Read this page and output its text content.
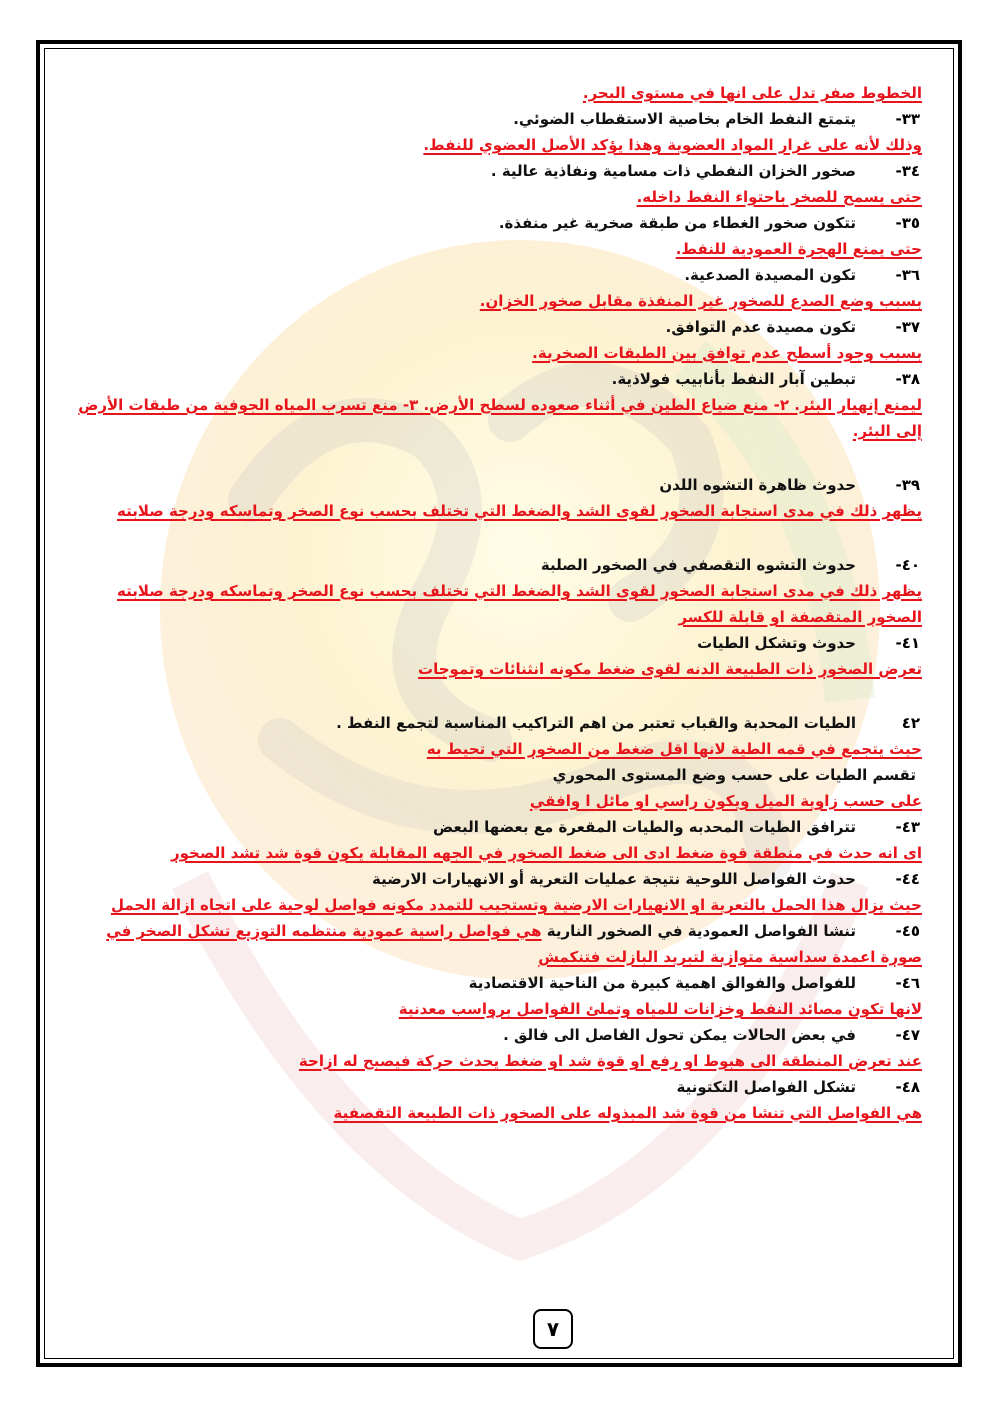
الخطوط صفر تدل على انها في مستوى البحر.
٣٣-يتمتع النفط الخام بخاصية الاستقطاب الضوئي.
وذلك لأنه على غرار المواد العضوية وهذا يؤكد الأصل العضوي للنفط.
٣٤-صخور الخزان النفطي ذات مسامية ونفاذية عالية .
حتى يسمح للصخر باحتواء النفط داخله.
٣٥-تتكون صخور الغطاء من طبقة صخرية غير منفذة.
حتى يمنع الهجرة العمودية للنفط.
٣٦-تكون المصيدة الصدعية.
بسبب وضع الصدع للصخور غير المنفذة مقابل صخور الخزان.
٣٧-تكون مصيدة عدم التوافق.
بسبب وجود أسطح عدم توافق بين الطبقات الصخرية.
٣٨-تبطين آبار النفط بأنابيب فولاذية.
ليمنع إنهيار البئر. ٢- منع ضياع الطين في أثناء صعوده لسطح الأرض. ٣- منع تسرب المياه الجوفية من طبقات الأرض إلى البئر.
٣٩-حدوث ظاهرة التشوه اللدن
يظهر ذلك في مدى استجابة الصخور لقوى الشد والضغط التي تختلف بحسب نوع الصخر وتماسكه ودرجة صلابته
٤٠-حدوث التشوه التقصفي في الصخور الصلبة
يظهر ذلك في مدى استجابة الصخور لقوى الشد والضغط التي تختلف بحسب نوع الصخر وتماسكه ودرجة صلابته
الصخور المتقصفة او قابلة للكسر
٤١-حدوث وتشكل الطيات
تعرض الصخور ذات الطبيعة الدنه لقوى ضغط مكونه انثنائات وتموجات
٤٢الطيات المحدبة والقباب تعتبر من اهم التراكيب المناسبة لتجمع النفط .
حيث يتجمع في قمه الطية لانها اقل ضغط من الصخور التي تحيط به
تقسم الطيات على حسب وضع المستوى المحوري
على حسب زاوية الميل ويكون راسي او مائل ا وافقي
٤٣-تترافق الطيات المحدبه والطيات المقعرة مع بعضها البعض
اى انه حدث في منطقة قوة ضغط ادى الى ضغط الصخور في الجهه المقابلة يكون قوة شد تشد الصخور
٤٤-حدوث الفواصل اللوحية نتيجة عمليات التعرية أو الانهيارات الارضية
حيث يزال هذا الحمل بالتعرية او الانهيارات الارضية وتستجيب للتمدد مكونه فواصل لوحية على اتجاه ازالة الحمل
٤٥-تنشا الفواصل العمودية في الصخور النارية هي فواصل راسية عمودية منتظمه التوزيع تشكل الصخر في
صورة اعمدة سداسية متوازية لتبريد البازلت فتنكمش
٤٦-للفواصل والفوالق اهمية كبيرة من الناحية الاقتصادية
لانها تكون مصائد النفط وخزانات للمياه وتملئ الفواصل برواسب معدنية
٤٧-في بعض الحالات يمكن تحول الفاصل الى فالق .
عند تعرض المنطقة الى هبوط او رفع او قوة شد او ضغط يحدث حركة فيصبح له ازاحة
٤٨-تشكل الفواصل التكتونية
هي الفواصل التي تنشا من قوة شد المبذوله على الصخور ذات الطبيعة التقصفية
٧
